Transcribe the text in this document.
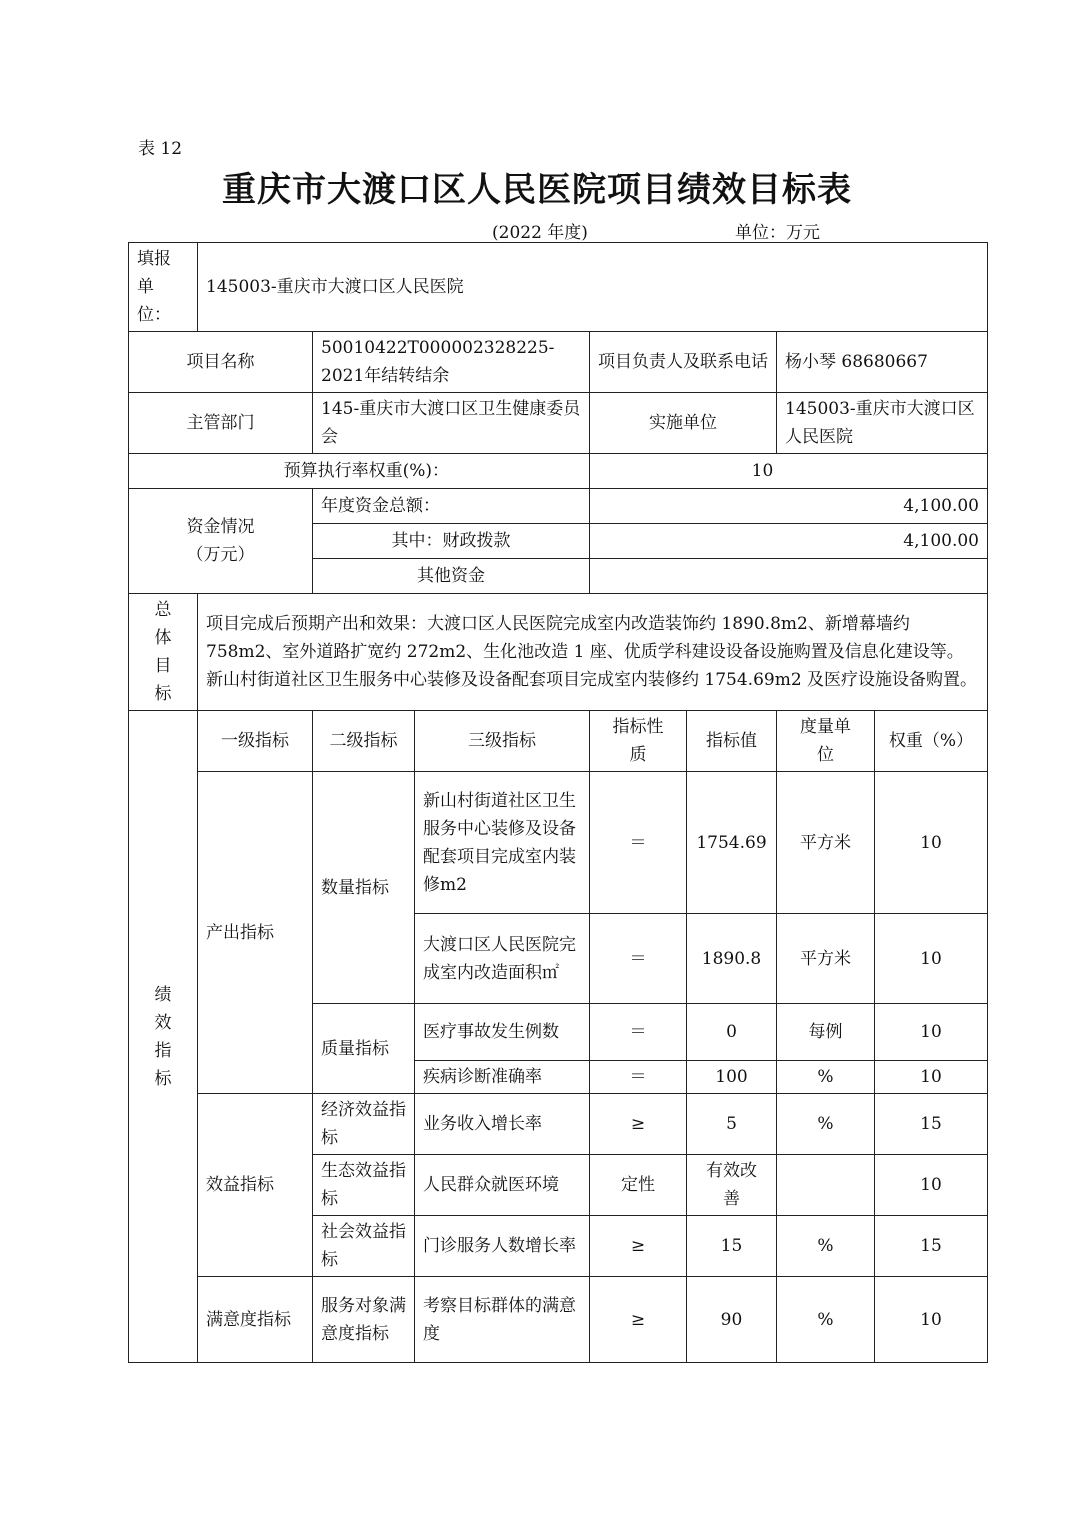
表 12
重庆市大渡口区人民医院项目绩效目标表
(2022 年度)	单位：万元
填报单位：	145003-重庆市大渡口区人民医院						
项目名称		50010422T000002328225-2021年结转结余		项目负责人及联系电话		杨小琴 68680667	
主管部门		145-重庆市大渡口区卫生健康委员会		实施单位		145003-重庆市大渡口区人民医院	
预算执行率权重(%)：				10			

资金情况（万元）		年度资金总额：		4,100.00			
		其中：财政拨款		4,100.00			
		其他资金					

总体目标	项目完成后预期产出和效果：大渡口区人民医院完成室内改造装饰约 1890.8m2、新增幕墙约 758m2、室外道路扩宽约 272m2、生化池改造 1 座、优质学科建设设备设施购置及信息化建设等。新山村街道社区卫生服务中心装修及设备配套项目完成室内装修约 1754.69m2 及医疗设施设备购置。						

绩效指标	一级指标	二级指标	三级指标	指标性质	指标值	度量单位	权重（%）
	产出指标	数量指标	新山村街道社区卫生服务中心装修及设备配套项目完成室内装修m2	＝	1754.69	平方米	10
			大渡口区人民医院完成室内改造面积㎡	＝	1890.8	平方米	10
		质量指标	医疗事故发生例数	＝	0	每例	10
			疾病诊断准确率	＝	100	%	10
	效益指标	经济效益指标	业务收入增长率	≥	5	%	15
		生态效益指标	人民群众就医环境	定性	有效改善		10
		社会效益指标	门诊服务人数增长率	≥	15	%	15
	满意度指标	服务对象满意度指标	考察目标群体的满意度	≥	90	%	10
